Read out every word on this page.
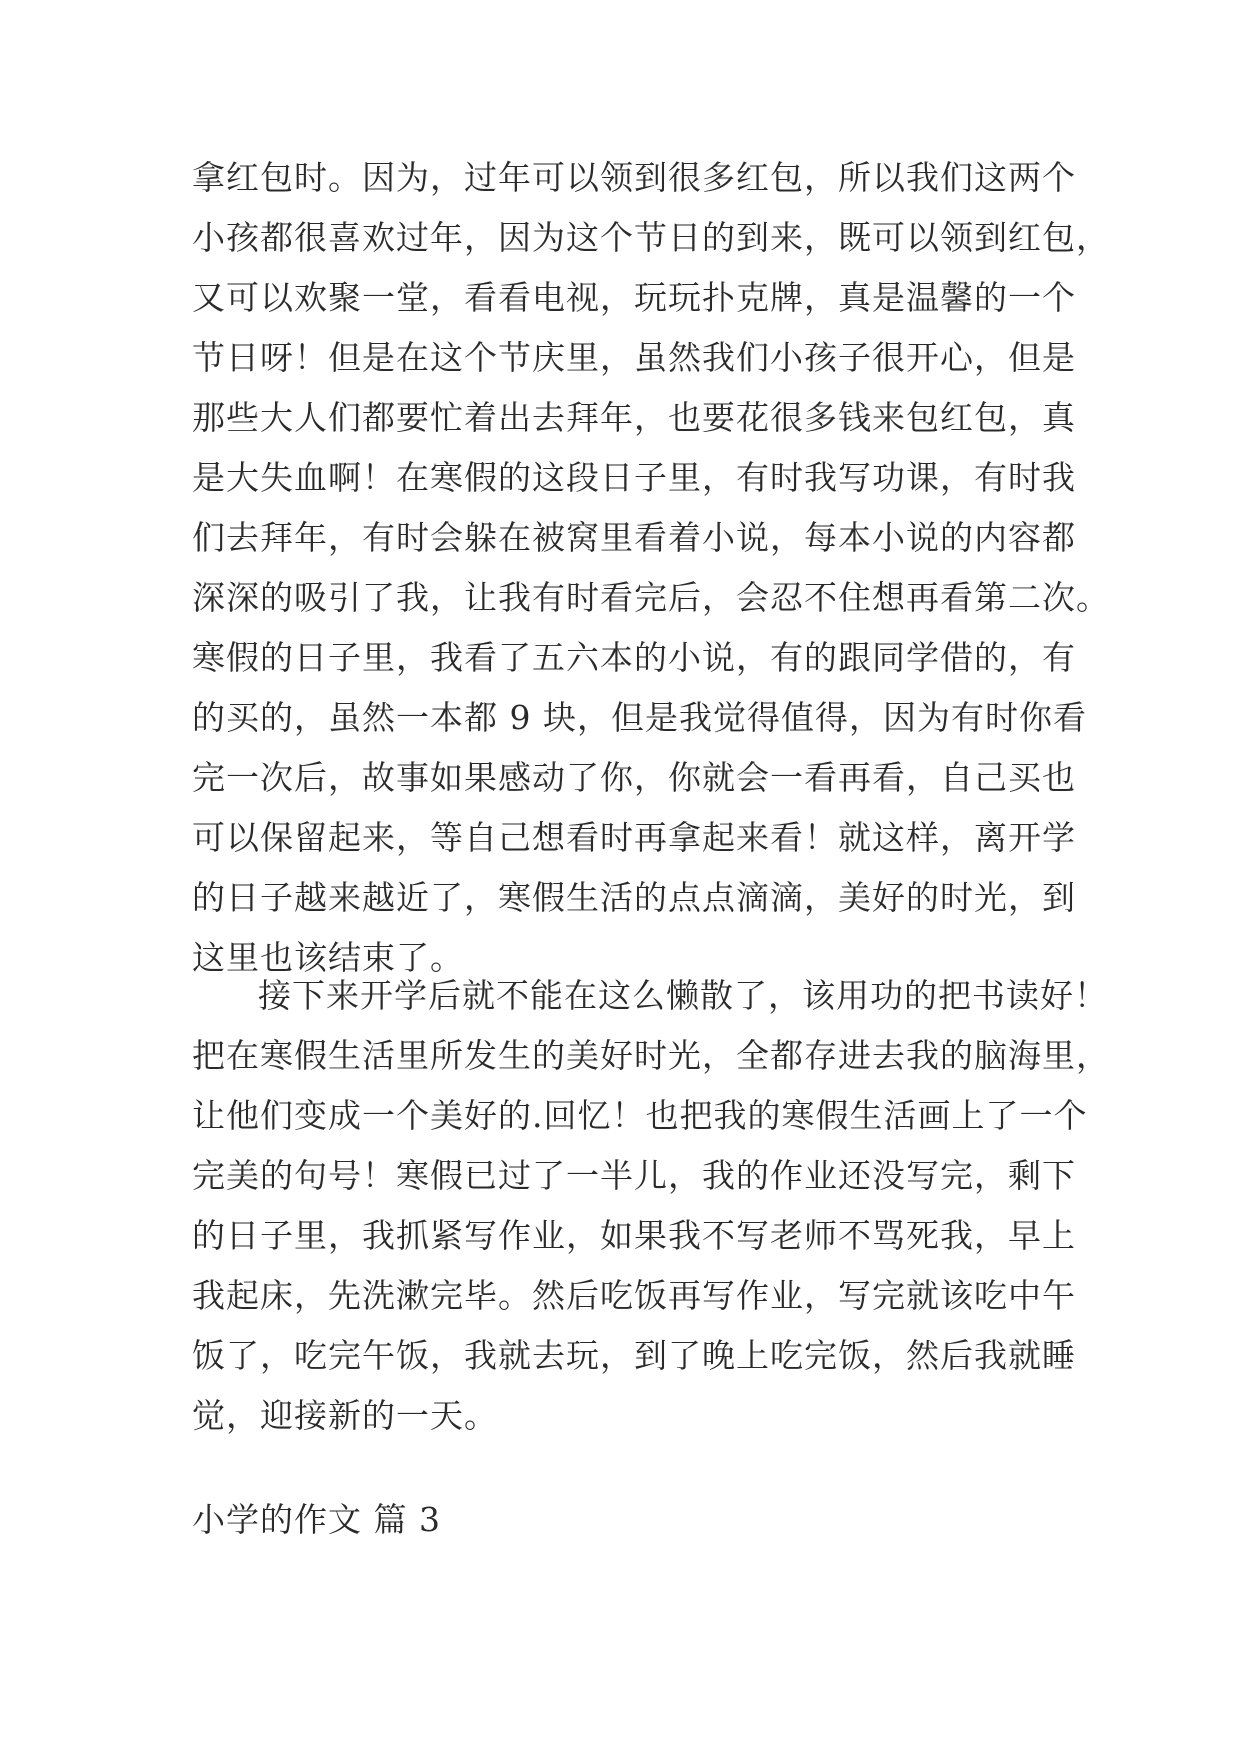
拿红包时。因为，过年可以领到很多红包，所以我们这两个
小孩都很喜欢过年，因为这个节日的到来，既可以领到红包，
又可以欢聚一堂，看看电视，玩玩扑克牌，真是温馨的一个
节日呀！但是在这个节庆里，虽然我们小孩子很开心，但是
那些大人们都要忙着出去拜年，也要花很多钱来包红包，真
是大失血啊！在寒假的这段日子里，有时我写功课，有时我
们去拜年，有时会躲在被窝里看着小说，每本小说的内容都
深深的吸引了我，让我有时看完后，会忍不住想再看第二次。
寒假的日子里，我看了五六本的小说，有的跟同学借的，有
的买的，虽然一本都 9 块，但是我觉得值得，因为有时你看
完一次后，故事如果感动了你，你就会一看再看，自己买也
可以保留起来，等自己想看时再拿起来看！就这样，离开学
的日子越来越近了，寒假生活的点点滴滴，美好的时光，到
这里也该结束了。
接下来开学后就不能在这么懒散了，该用功的把书读好！
把在寒假生活里所发生的美好时光，全都存进去我的脑海里，
让他们变成一个美好的.回忆！也把我的寒假生活画上了一个
完美的句号！寒假已过了一半儿，我的作业还没写完，剩下
的日子里，我抓紧写作业，如果我不写老师不骂死我，早上
我起床，先洗漱完毕。然后吃饭再写作业，写完就该吃中午
饭了，吃完午饭，我就去玩，到了晚上吃完饭，然后我就睡
觉，迎接新的一天。
小学的作文 篇 3
